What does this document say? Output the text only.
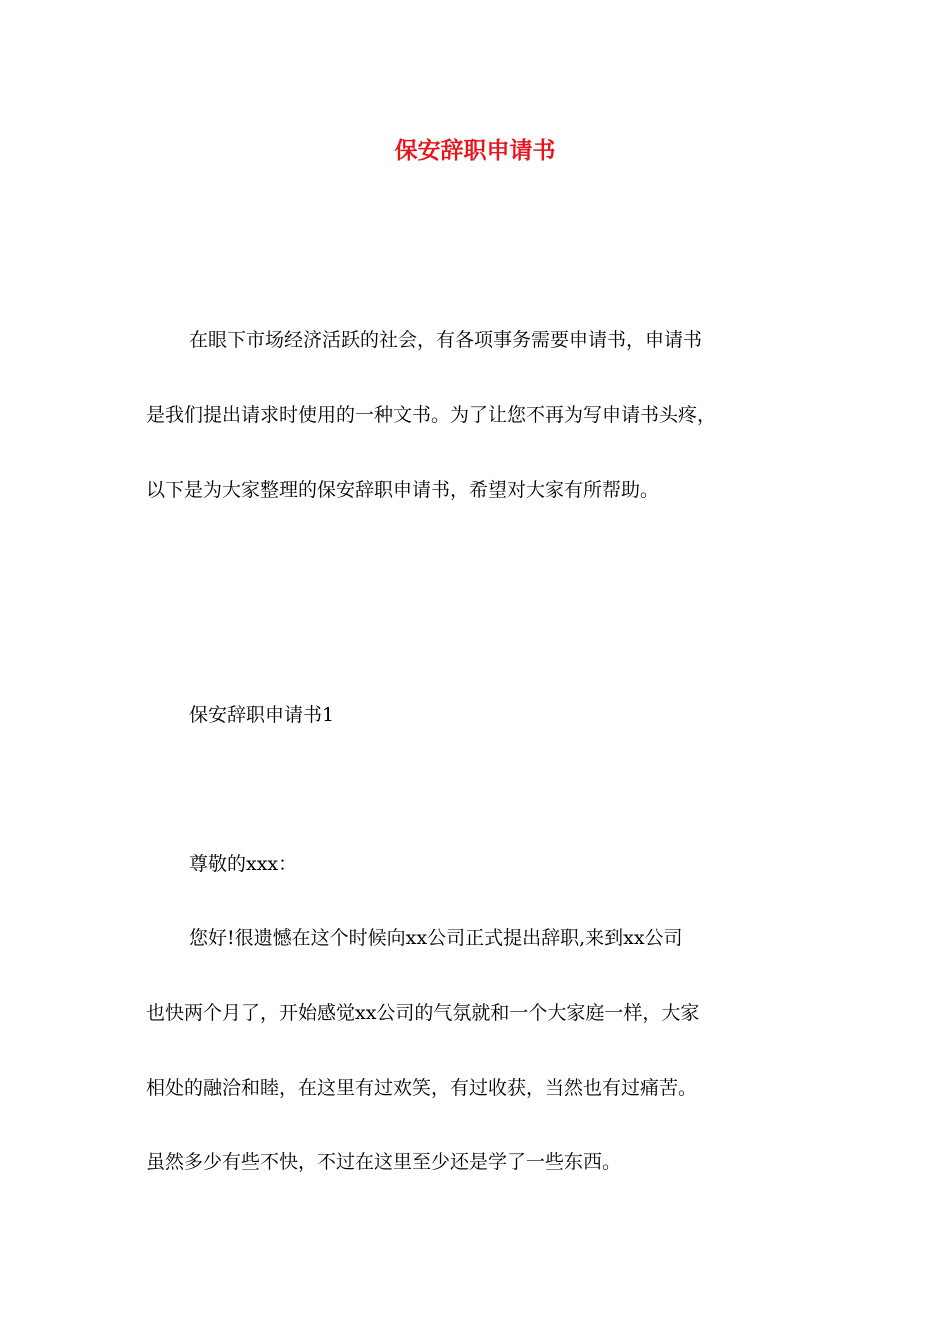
保安辞职申请书
在眼下市场经济活跃的社会，有各项事务需要申请书，申请书
是我们提出请求时使用的一种文书。为了让您不再为写申请书头疼，
以下是为大家整理的保安辞职申请书，希望对大家有所帮助。
保安辞职申请书1
尊敬的xxx：
您好!很遗憾在这个时候向xx公司正式提出辞职,来到xx公司
也快两个月了，开始感觉xx公司的气氛就和一个大家庭一样，大家
相处的融洽和睦，在这里有过欢笑，有过收获，当然也有过痛苦。
虽然多少有些不快，不过在这里至少还是学了一些东西。
